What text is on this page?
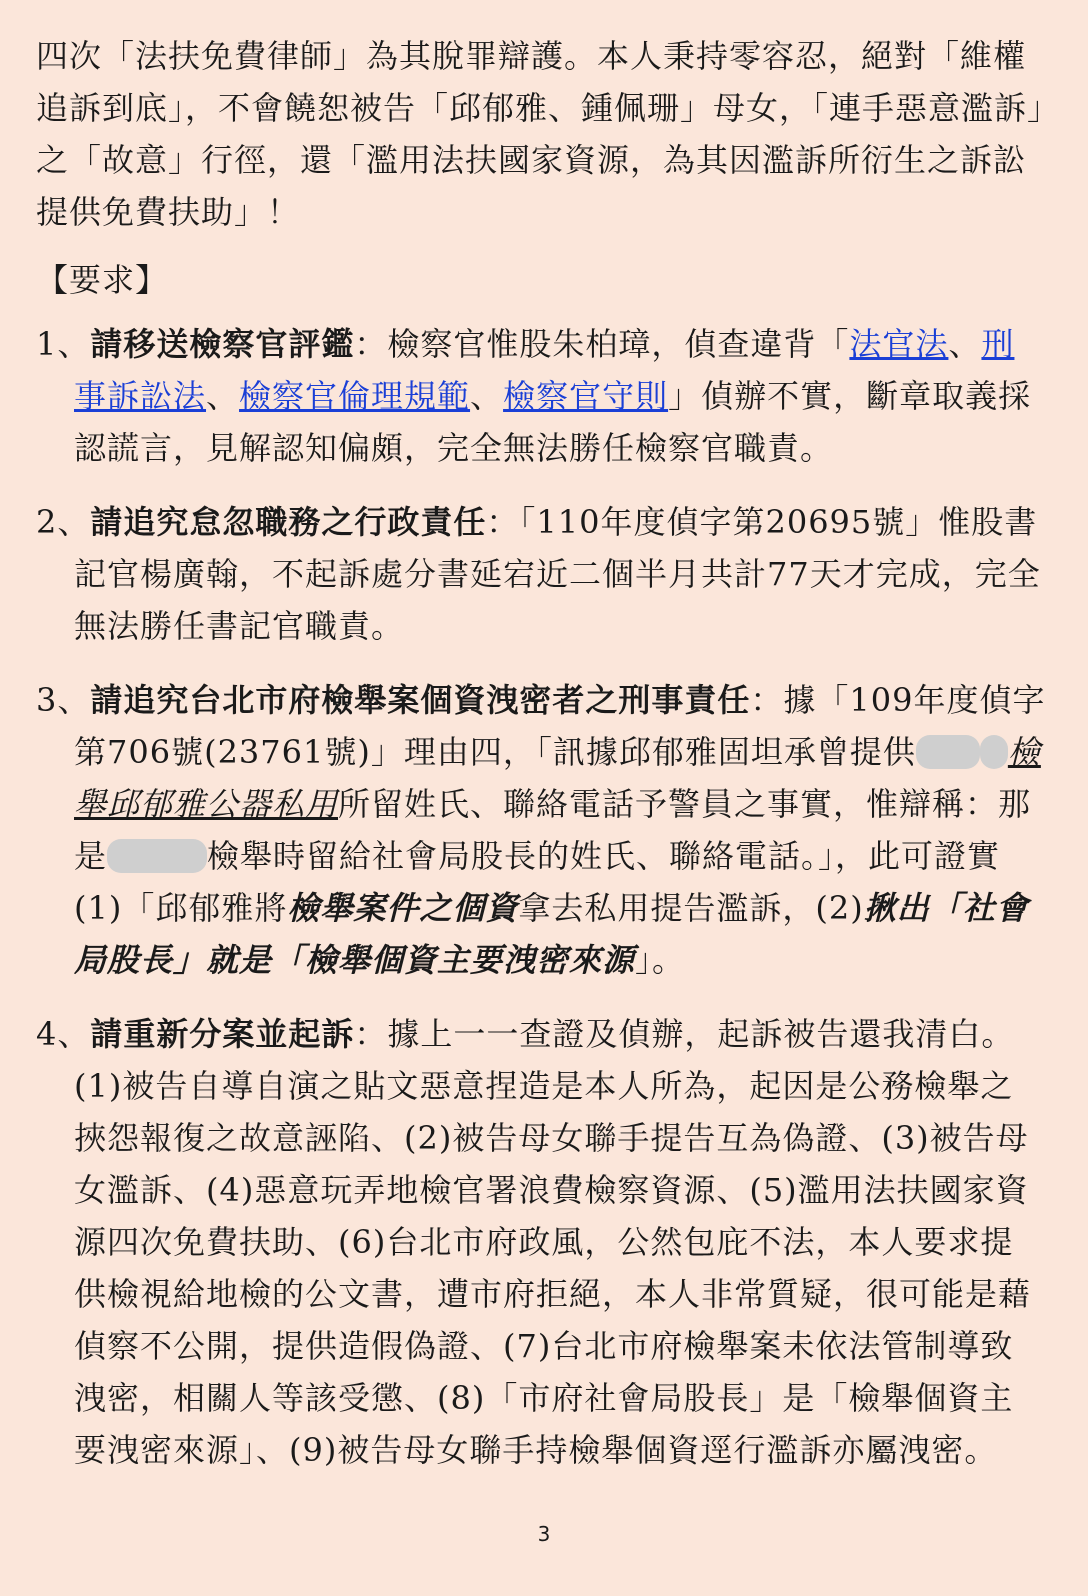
四次「法扶免費律師」為其脫罪辯護。本人秉持零容忍，絕對「維權追訴到底」，不會饒恕被告「邱郁雅、鍾佩珊」母女，「連手惡意濫訴」之「故意」行徑，還「濫用法扶國家資源，為其因濫訴所衍生之訴訟提供免費扶助」！

【要求】

1、請移送檢察官評鑑：檢察官惟股朱柏璋，偵查違背「法官法、刑事訴訟法、檢察官倫理規範、檢察官守則」偵辦不實，斷章取義採認謊言，見解認知偏頗，完全無法勝任檢察官職責。

2、請追究怠忽職務之行政責任：「110年度偵字第20695號」惟股書記官楊廣翰，不起訴處分書延宕近二個半月共計77天才完成，完全無法勝任書記官職責。

3、請追究台北市府檢舉案個資洩密者之刑事責任：據「109年度偵字第706號(23761號)」理由四，「訊據邱郁雅固坦承曾提供	檢舉邱郁雅公器私用所留姓氏、聯絡電話予警員之事實，惟辯稱：那是	檢舉時留給社會局股長的姓氏、聯絡電話。」，此可證實(1)「邱郁雅將檢舉案件之個資拿去私用提告濫訴，(2)揪出「社會局股長」就是「檢舉個資主要洩密來源」。

4、請重新分案並起訴：據上一一查證及偵辦，起訴被告還我清白。(1)被告自導自演之貼文惡意捏造是本人所為，起因是公務檢舉之挾怨報復之故意誣陷、(2)被告母女聯手提告互為偽證、(3)被告母女濫訴、(4)惡意玩弄地檢官署浪費檢察資源、(5)濫用法扶國家資源四次免費扶助、(6)台北市府政風，公然包庇不法，本人要求提供檢視給地檢的公文書，遭市府拒絕，本人非常質疑，很可能是藉偵察不公開，提供造假偽證、(7)台北市府檢舉案未依法管制導致洩密，相關人等該受懲、(8)「市府社會局股長」是「檢舉個資主要洩密來源」、(9)被告母女聯手持檢舉個資逕行濫訴亦屬洩密。

3
